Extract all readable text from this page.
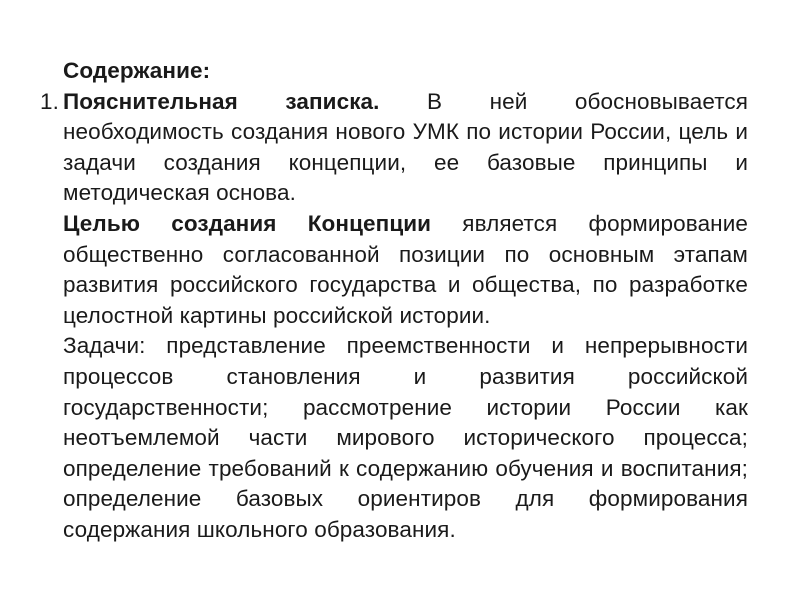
Содержание:
1. Пояснительная записка. В ней обосновывается необходимость создания нового УМК по истории России, цель и задачи создания концепции, ее базовые принципы и методическая основа.

Целью создания Концепции является формирование общественно согласованной позиции по основным этапам развития российского государства и общества, по разработке целостной картины российской истории.

Задачи: представление преемственности и непрерывности процессов становления и развития российской государственности; рассмотрение истории России как неотъемлемой части мирового исторического процесса; определение требований к содержанию обучения и воспитания; определение базовых ориентиров для формирования содержания школьного образования.
